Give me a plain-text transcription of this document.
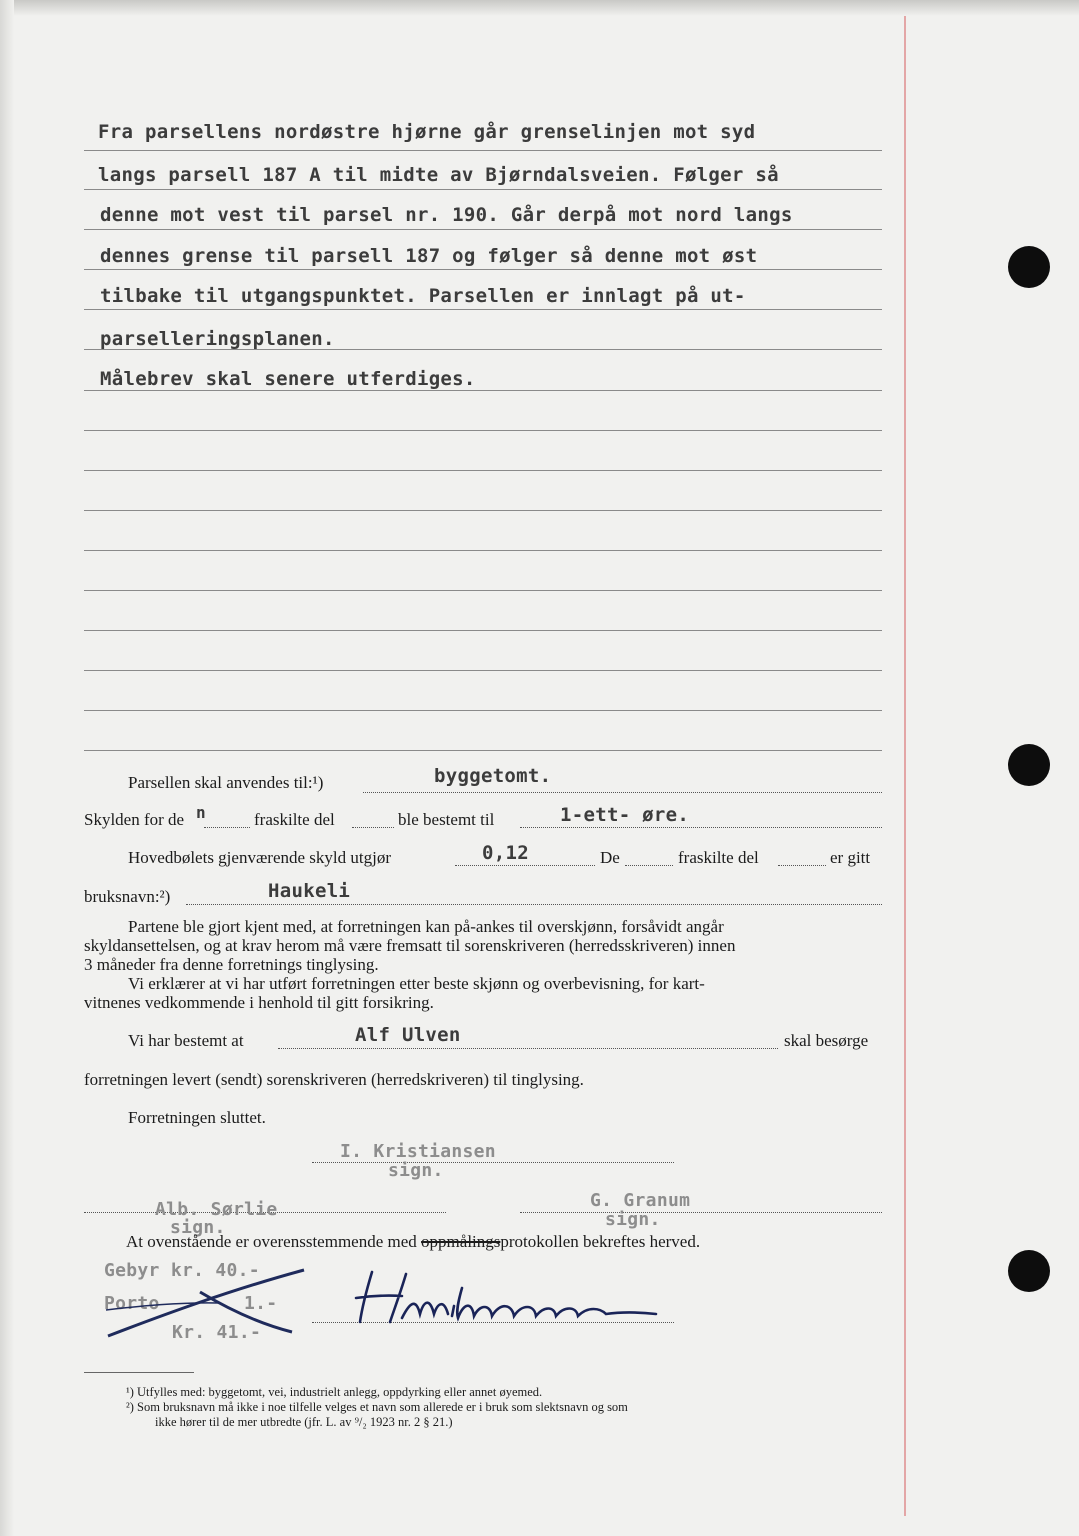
Fra parsellens nordøstre hjørne går grenselinjen mot syd
langs parsell 187 A til midte av Bjørndalsveien. Følger så
denne mot vest til parsel nr. 190. Går derpå mot nord langs
dennes grense til parsell 187 og følger så denne mot øst
tilbake til utgangspunktet. Parsellen er innlagt på ut-
parselleringsplanen.
Målebrev skal senere utferdiges.
Parsellen skal anvendes til:¹)	byggetomt.
Skylden for de n	fraskilte del	ble bestemt til	1-ett- øre.
Hovedbølets gjenværende skyld utgjør	0,12	De	fraskilte del	er gitt
bruksnavn:²)	Haukeli
Partene ble gjort kjent med, at forretningen kan på-ankes til overskjønn, forsåvidt angår
skyldansettelsen, og at krav herom må være fremsatt til sorenskriveren (herredsskriveren) innen
3 måneder fra denne forretnings tinglysing.
Vi erklærer at vi har utført forretningen etter beste skjønn og overbevisning, for kart-
vitnenes vedkommende i henhold til gitt forsikring.
Vi har bestemt at	Alf Ulven	skal besørge
forretningen levert (sendt) sorenskriveren (herredskriveren) til tinglysing.
Forretningen sluttet.
I. Kristiansen
sign.
Alb. Sørlie
sign.
G. Granum
sign.
At ovenstående er overensstemmende med oppmålingsprotokollen bekreftes herved.
Gebyr kr. 40.-
Porto	1.-
Kr. 41.-
¹) Utfylles med: byggetomt, vei, industrielt anlegg, oppdyrking eller annet øyemed.
²) Som bruksnavn må ikke i noe tilfelle velges et navn som allerede er i bruk som slektsnavn og som
ikke hører til de mer utbredte (jfr. L. av ⁹/₂ 1923 nr. 2 § 21.)
